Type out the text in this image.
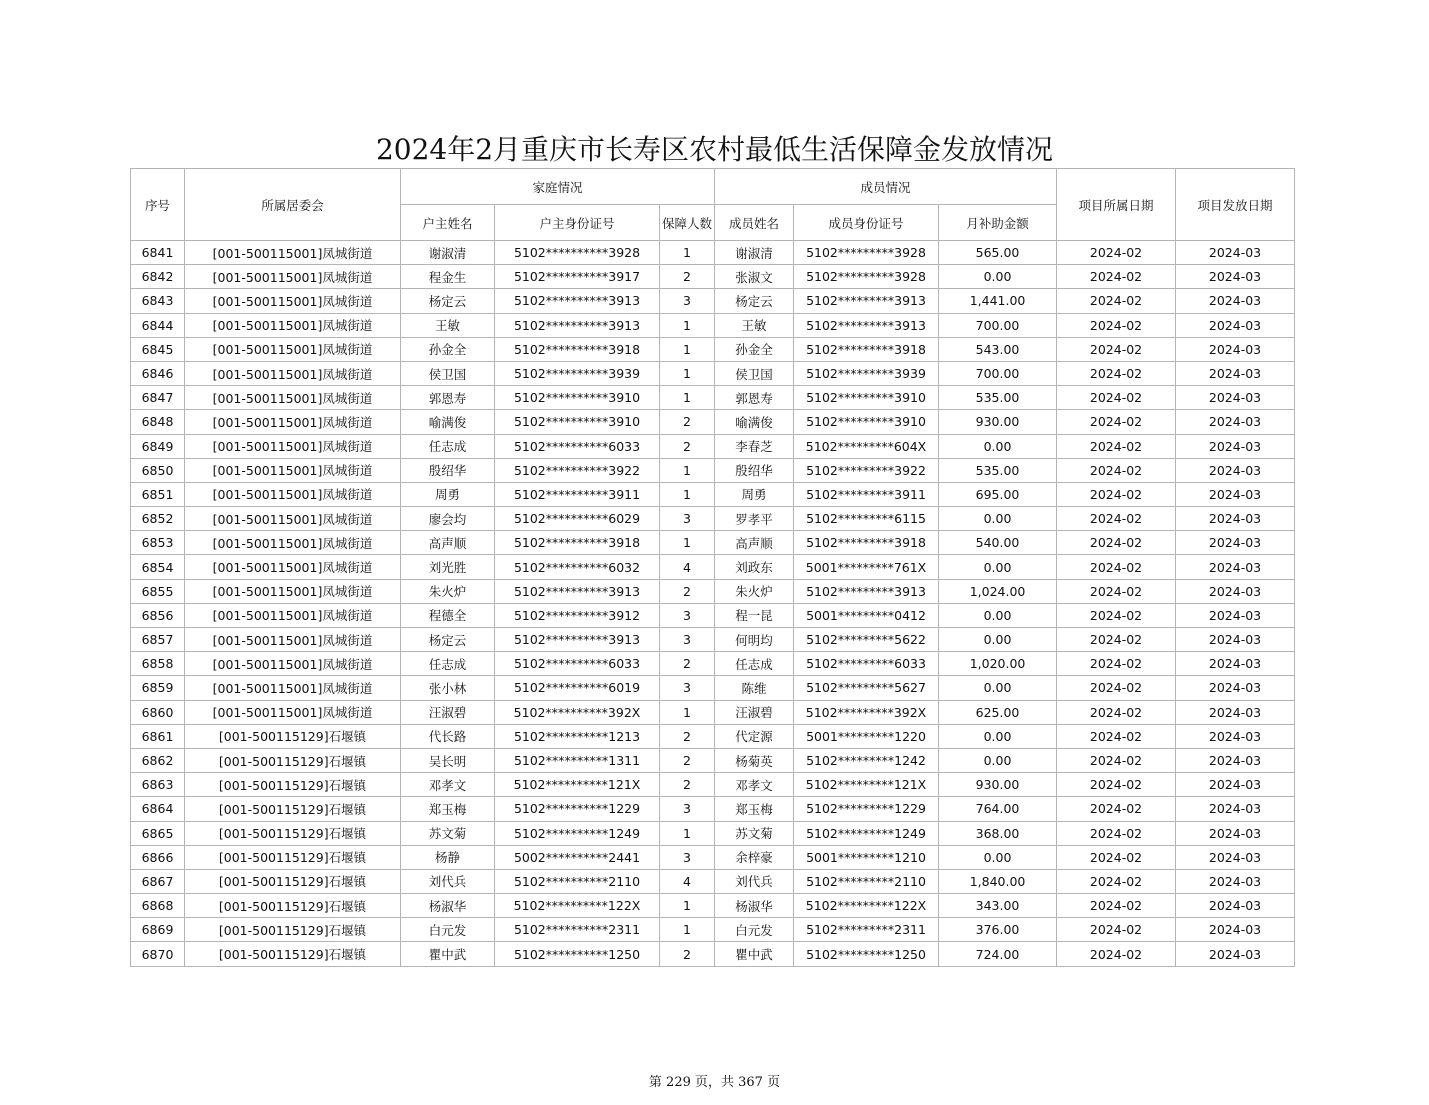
2024年2月重庆市长寿区农村最低生活保障金发放情况
序号	所属居委会	家庭情况			成员情况			项目所属日期	项目发放日期
		户主姓名	户主身份证号	保障人数	成员姓名	成员身份证号	月补助金额		
6841	[001-500115001]凤城街道	谢淑清	5102**********3928	1	谢淑清	5102*********3928	565.00	2024-02	2024-03
6842	[001-500115001]凤城街道	程金生	5102**********3917	2	张淑文	5102*********3928	0.00	2024-02	2024-03
6843	[001-500115001]凤城街道	杨定云	5102**********3913	3	杨定云	5102*********3913	1,441.00	2024-02	2024-03
6844	[001-500115001]凤城街道	王敏	5102**********3913	1	王敏	5102*********3913	700.00	2024-02	2024-03
6845	[001-500115001]凤城街道	孙金全	5102**********3918	1	孙金全	5102*********3918	543.00	2024-02	2024-03
6846	[001-500115001]凤城街道	侯卫国	5102**********3939	1	侯卫国	5102*********3939	700.00	2024-02	2024-03
6847	[001-500115001]凤城街道	郭恩寿	5102**********3910	1	郭恩寿	5102*********3910	535.00	2024-02	2024-03
6848	[001-500115001]凤城街道	喻满俊	5102**********3910	2	喻满俊	5102*********3910	930.00	2024-02	2024-03
6849	[001-500115001]凤城街道	任志成	5102**********6033	2	李春芝	5102*********604X	0.00	2024-02	2024-03
6850	[001-500115001]凤城街道	殷绍华	5102**********3922	1	殷绍华	5102*********3922	535.00	2024-02	2024-03
6851	[001-500115001]凤城街道	周勇	5102**********3911	1	周勇	5102*********3911	695.00	2024-02	2024-03
6852	[001-500115001]凤城街道	廖会均	5102**********6029	3	罗孝平	5102*********6115	0.00	2024-02	2024-03
6853	[001-500115001]凤城街道	高声顺	5102**********3918	1	高声顺	5102*********3918	540.00	2024-02	2024-03
6854	[001-500115001]凤城街道	刘光胜	5102**********6032	4	刘政东	5001*********761X	0.00	2024-02	2024-03
6855	[001-500115001]凤城街道	朱火炉	5102**********3913	2	朱火炉	5102*********3913	1,024.00	2024-02	2024-03
6856	[001-500115001]凤城街道	程德全	5102**********3912	3	程一昆	5001*********0412	0.00	2024-02	2024-03
6857	[001-500115001]凤城街道	杨定云	5102**********3913	3	何明均	5102*********5622	0.00	2024-02	2024-03
6858	[001-500115001]凤城街道	任志成	5102**********6033	2	任志成	5102*********6033	1,020.00	2024-02	2024-03
6859	[001-500115001]凤城街道	张小林	5102**********6019	3	陈维	5102*********5627	0.00	2024-02	2024-03
6860	[001-500115001]凤城街道	汪淑碧	5102**********392X	1	汪淑碧	5102*********392X	625.00	2024-02	2024-03
6861	[001-500115129]石堰镇	代长路	5102**********1213	2	代定源	5001*********1220	0.00	2024-02	2024-03
6862	[001-500115129]石堰镇	吴长明	5102**********1311	2	杨菊英	5102*********1242	0.00	2024-02	2024-03
6863	[001-500115129]石堰镇	邓孝文	5102**********121X	2	邓孝文	5102*********121X	930.00	2024-02	2024-03
6864	[001-500115129]石堰镇	郑玉梅	5102**********1229	3	郑玉梅	5102*********1229	764.00	2024-02	2024-03
6865	[001-500115129]石堰镇	苏文菊	5102**********1249	1	苏文菊	5102*********1249	368.00	2024-02	2024-03
6866	[001-500115129]石堰镇	杨静	5002**********2441	3	余梓豪	5001*********1210	0.00	2024-02	2024-03
6867	[001-500115129]石堰镇	刘代兵	5102**********2110	4	刘代兵	5102*********2110	1,840.00	2024-02	2024-03
6868	[001-500115129]石堰镇	杨淑华	5102**********122X	1	杨淑华	5102*********122X	343.00	2024-02	2024-03
6869	[001-500115129]石堰镇	白元发	5102**********2311	1	白元发	5102*********2311	376.00	2024-02	2024-03
6870	[001-500115129]石堰镇	瞿中武	5102**********1250	2	瞿中武	5102*********1250	724.00	2024-02	2024-03
第 229 页，共 367 页
